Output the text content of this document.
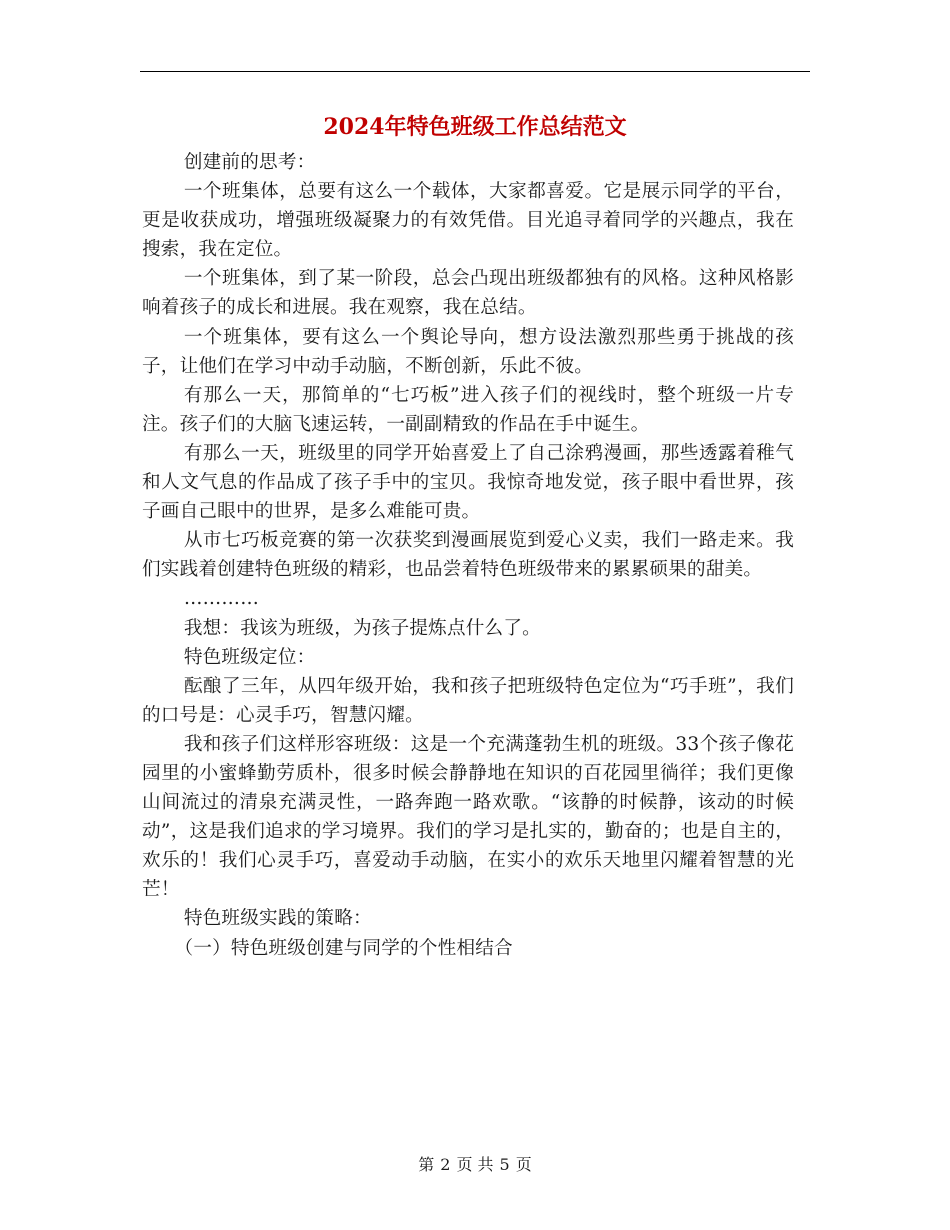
2024年特色班级工作总结范文

创建前的思考：

一个班集体，总要有这么一个载体，大家都喜爱。它是展示同学的平台，更是收获成功，增强班级凝聚力的有效凭借。目光追寻着同学的兴趣点，我在搜索，我在定位。

一个班集体，到了某一阶段，总会凸现出班级都独有的风格。这种风格影响着孩子的成长和进展。我在观察，我在总结。

一个班集体，要有这么一个舆论导向，想方设法激烈那些勇于挑战的孩子，让他们在学习中动手动脑，不断创新，乐此不彼。

有那么一天，那简单的“七巧板”进入孩子们的视线时，整个班级一片专注。孩子们的大脑飞速运转，一副副精致的作品在手中诞生。

有那么一天，班级里的同学开始喜爱上了自己涂鸦漫画，那些透露着稚气和人文气息的作品成了孩子手中的宝贝。我惊奇地发觉，孩子眼中看世界，孩子画自己眼中的世界，是多么难能可贵。

从市七巧板竞赛的第一次获奖到漫画展览到爱心义卖，我们一路走来。我们实践着创建特色班级的精彩，也品尝着特色班级带来的累累硕果的甜美。

…………

我想：我该为班级，为孩子提炼点什么了。

特色班级定位：

酝酿了三年，从四年级开始，我和孩子把班级特色定位为“巧手班”，我们的口号是：心灵手巧，智慧闪耀。

我和孩子们这样形容班级：这是一个充满蓬勃生机的班级。33个孩子像花园里的小蜜蜂勤劳质朴，很多时候会静静地在知识的百花园里徜徉；我们更像山间流过的清泉充满灵性，一路奔跑一路欢歌。“该静的时候静，该动的时候动”，这是我们追求的学习境界。我们的学习是扎实的，勤奋的；也是自主的，欢乐的！我们心灵手巧，喜爱动手动脑，在实小的欢乐天地里闪耀着智慧的光芒！

特色班级实践的策略：

（一）特色班级创建与同学的个性相结合

第 2 页 共 5 页
